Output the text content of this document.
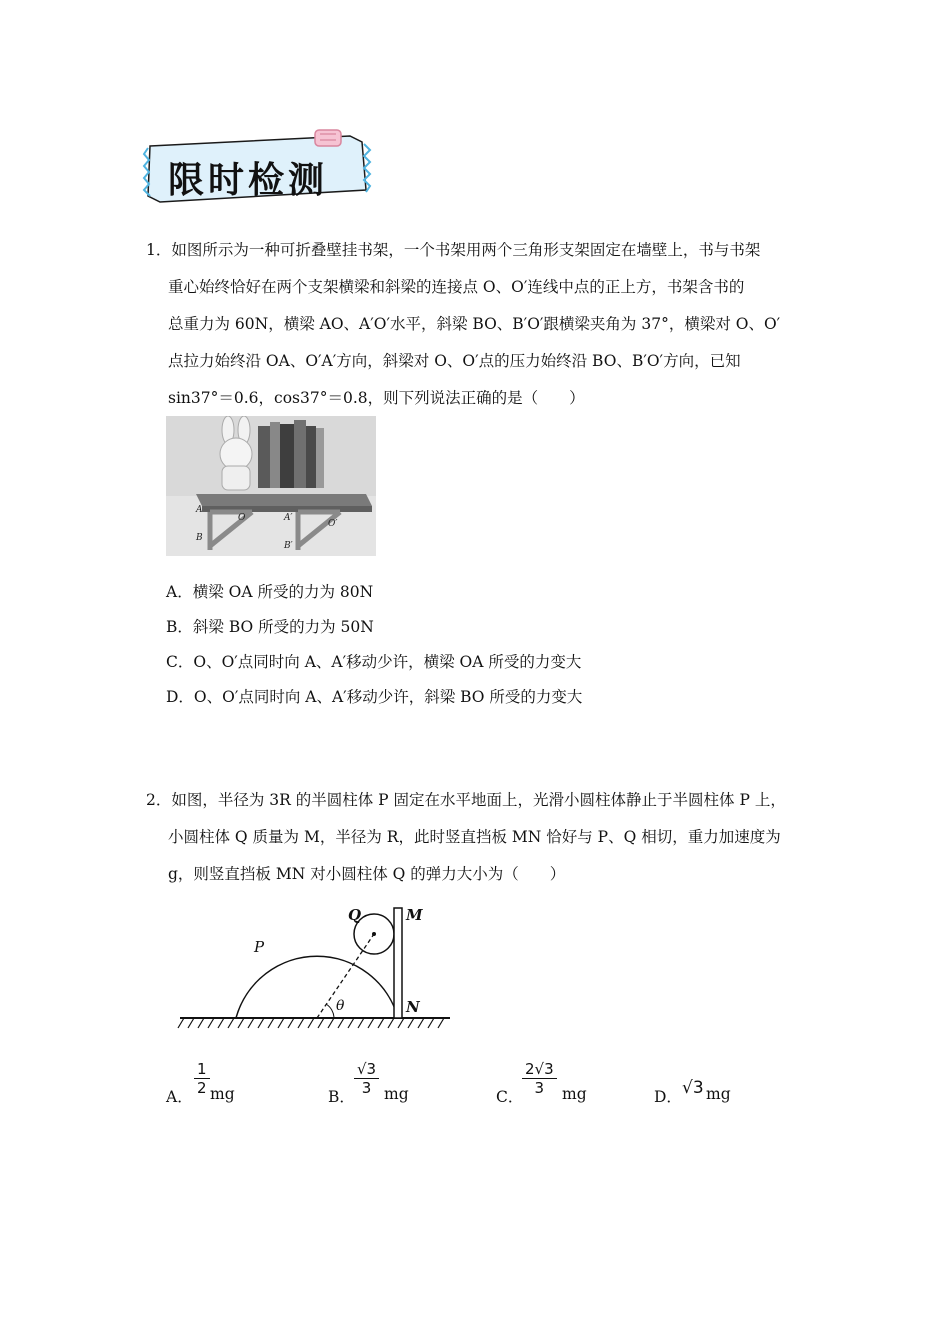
限时检测
1．如图所示为一种可折叠壁挂书架，一个书架用两个三角形支架固定在墙壁上，书与书架
重心始终恰好在两个支架横梁和斜梁的连接点 O、O′连线中点的正上方，书架含书的
总重力为 60N，横梁 AO、A′O′水平，斜梁 BO、B′O′跟横梁夹角为 37°，横梁对 O、O′
点拉力始终沿 OA、O′A′方向，斜梁对 O、O′点的压力始终沿 BO、B′O′方向，已知
sin37°＝0.6，cos37°＝0.8，则下列说法正确的是（　　）
A
O
B
A′
O′
B′
A．横梁 OA 所受的力为 80N
B．斜梁 BO 所受的力为 50N
C．O、O′点同时向 A、A′移动少许，横梁 OA 所受的力变大
D．O、O′点同时向 A、A′移动少许，斜梁 BO 所受的力变大
2．如图，半径为 3R 的半圆柱体 P 固定在水平地面上，光滑小圆柱体静止于半圆柱体 P 上，
小圆柱体 Q 质量为 M，半径为 R，此时竖直挡板 MN 恰好与 P、Q 相切，重力加速度为
g，则竖直挡板 MN 对小圆柱体 Q 的弹力大小为（　　）
Q	M
P
N
θ
A． $\frac{1}{2}$ mg	B． $\frac{√3}{3}$ mg	C．
$\frac{2√3}{3}$ mg	D． √3 mg
